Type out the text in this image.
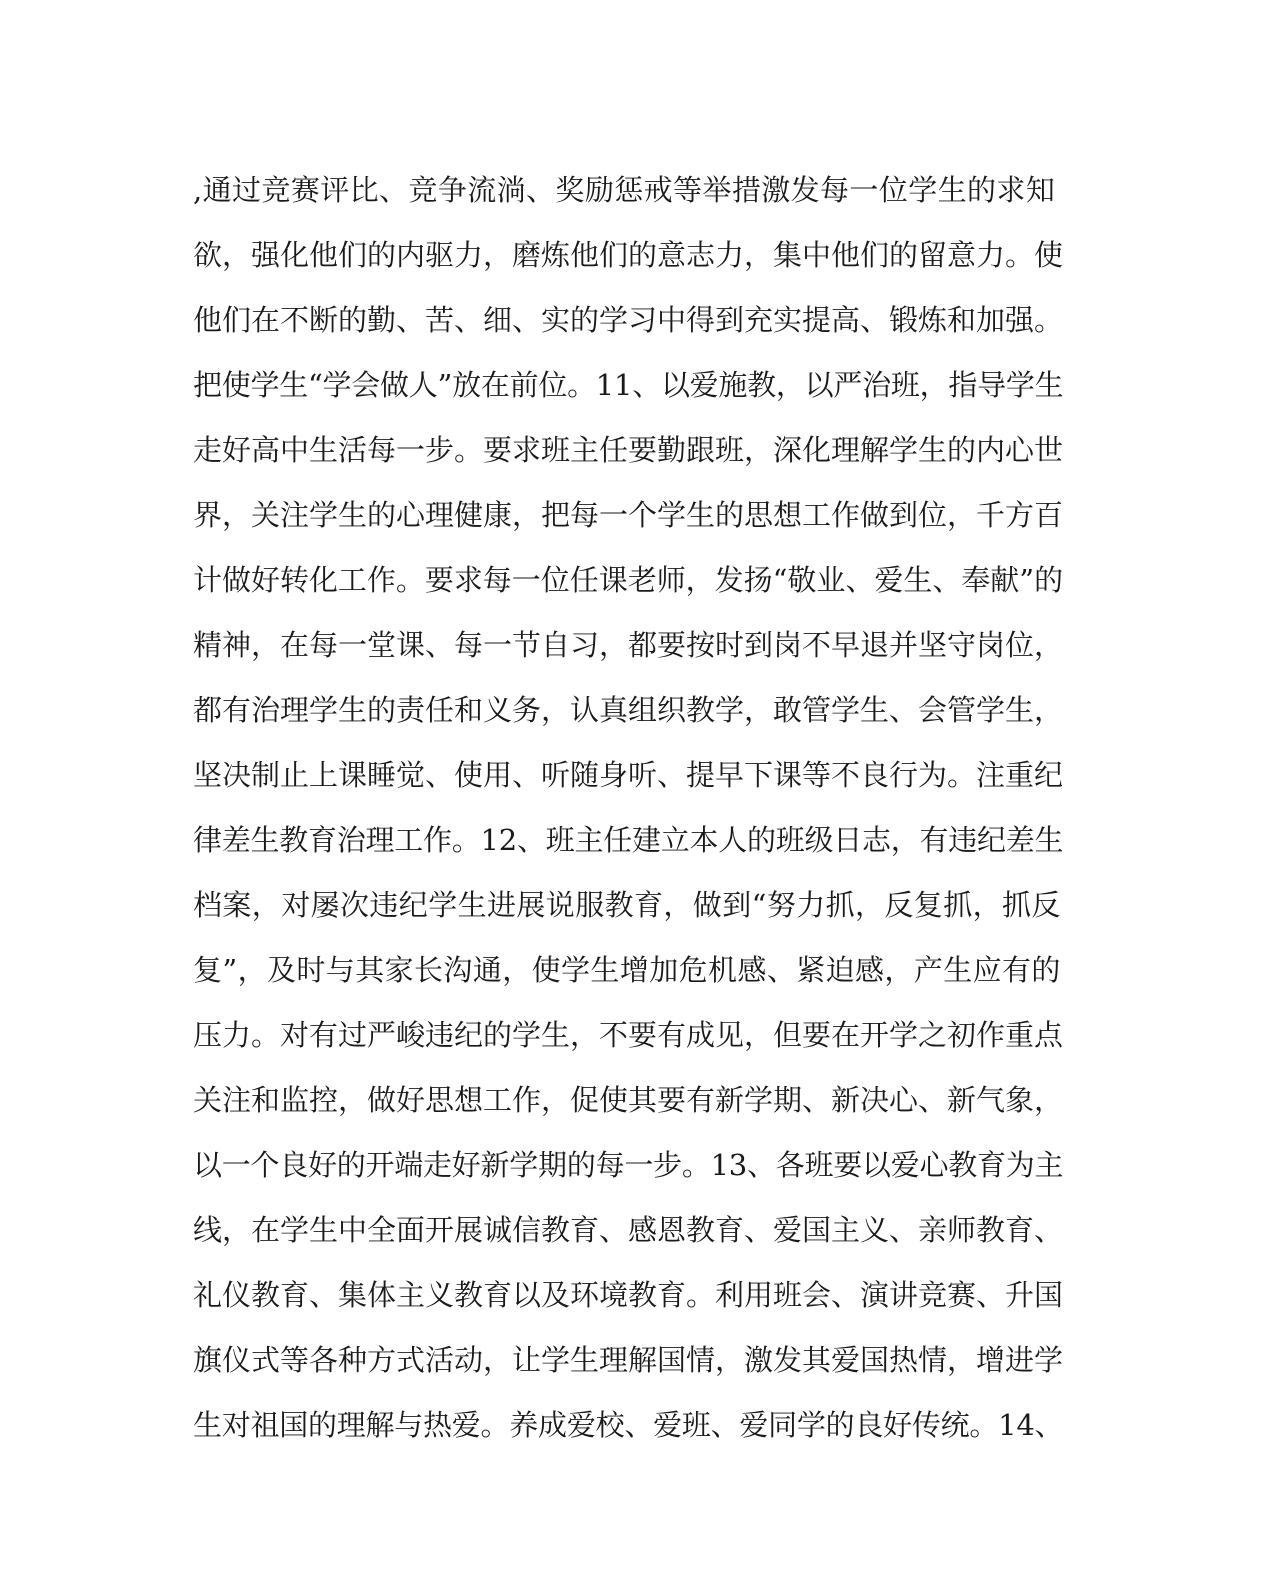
,通过竞赛评比、竞争流淌、奖励惩戒等举措激发每一位学生的求知
欲，强化他们的内驱力，磨炼他们的意志力，集中他们的留意力。使
他们在不断的勤、苦、细、实的学习中得到充实提高、锻炼和加强。
把使学生“学会做人”放在前位。11、以爱施教，以严治班，指导学生
走好高中生活每一步。要求班主任要勤跟班，深化理解学生的内心世
界，关注学生的心理健康，把每一个学生的思想工作做到位，千方百
计做好转化工作。要求每一位任课老师，发扬“敬业、爱生、奉献”的
精神，在每一堂课、每一节自习，都要按时到岗不早退并坚守岗位，
都有治理学生的责任和义务，认真组织教学，敢管学生、会管学生，
坚决制止上课睡觉、使用、听随身听、提早下课等不良行为。注重纪
律差生教育治理工作。12、班主任建立本人的班级日志，有违纪差生
档案，对屡次违纪学生进展说服教育，做到“努力抓，反复抓，抓反
复”，及时与其家长沟通，使学生增加危机感、紧迫感，产生应有的
压力。对有过严峻违纪的学生，不要有成见，但要在开学之初作重点
关注和监控，做好思想工作，促使其要有新学期、新决心、新气象，
以一个良好的开端走好新学期的每一步。13、各班要以爱心教育为主
线，在学生中全面开展诚信教育、感恩教育、爱国主义、亲师教育、
礼仪教育、集体主义教育以及环境教育。利用班会、演讲竞赛、升国
旗仪式等各种方式活动，让学生理解国情，激发其爱国热情，增进学
生对祖国的理解与热爱。养成爱校、爱班、爱同学的良好传统。14、
